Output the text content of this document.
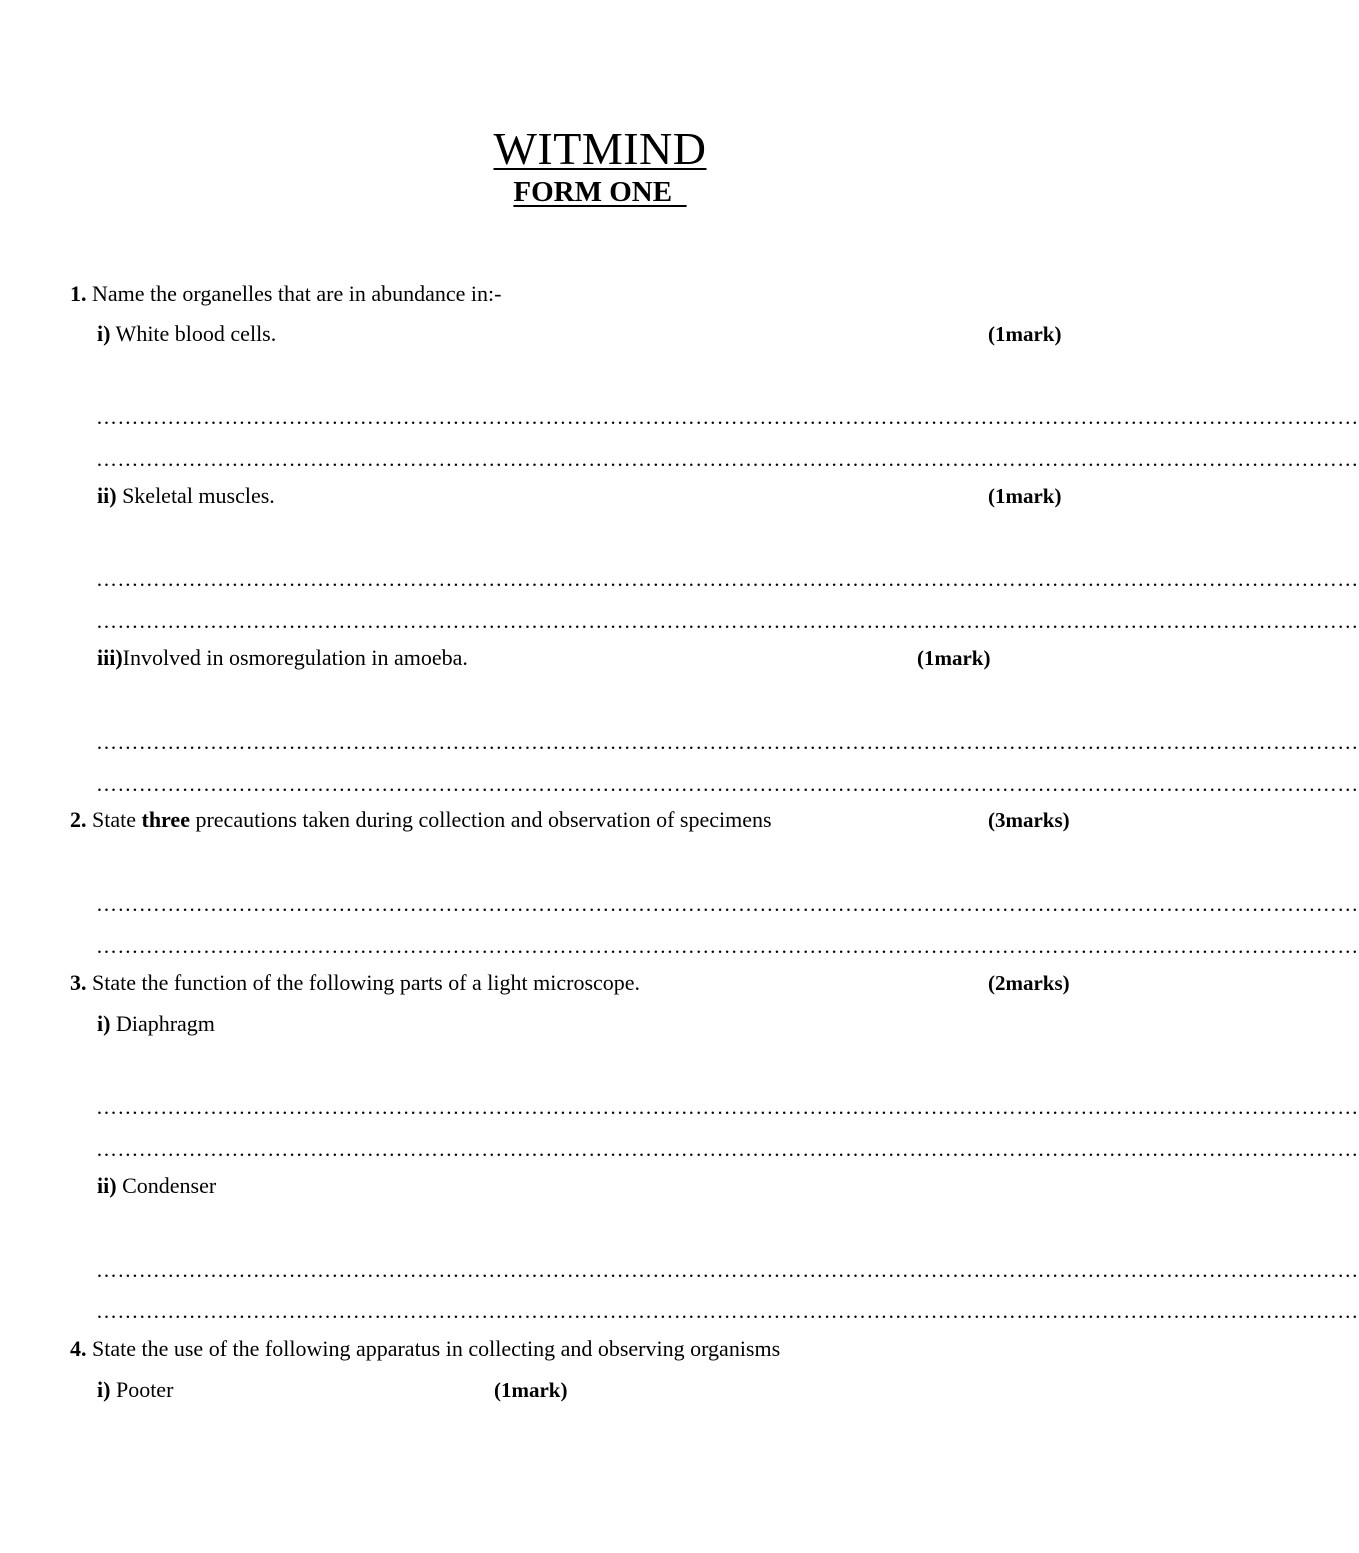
WITMIND
FORM ONE
1. Name the organelles that are in abundance in:-
i) White blood cells.	(1mark)
……………………………………………………………………………………………………………………………………………………………
……………………………………………………………………………………………………………………………………………………………
ii) Skeletal muscles.	(1mark)
……………………………………………………………………………………………………………………………………………………………
……………………………………………………………………………………………………………………………………………………………
iii)Involved in osmoregulation in amoeba.	(1mark)
……………………………………………………………………………………………………………………………………………………………
……………………………………………………………………………………………………………………………………………………………
2. State three precautions taken during collection and observation of specimens	(3marks)
……………………………………………………………………………………………………………………………………………………………
……………………………………………………………………………………………………………………………………………………………
3. State the function of the following parts of a light microscope.	(2marks)
i) Diaphragm
……………………………………………………………………………………………………………………………………………………………
……………………………………………………………………………………………………………………………………………………………
ii) Condenser
……………………………………………………………………………………………………………………………………………………………
……………………………………………………………………………………………………………………………………………………………
4. State the use of the following apparatus in collecting and observing organisms
i) Pooter	(1mark)
